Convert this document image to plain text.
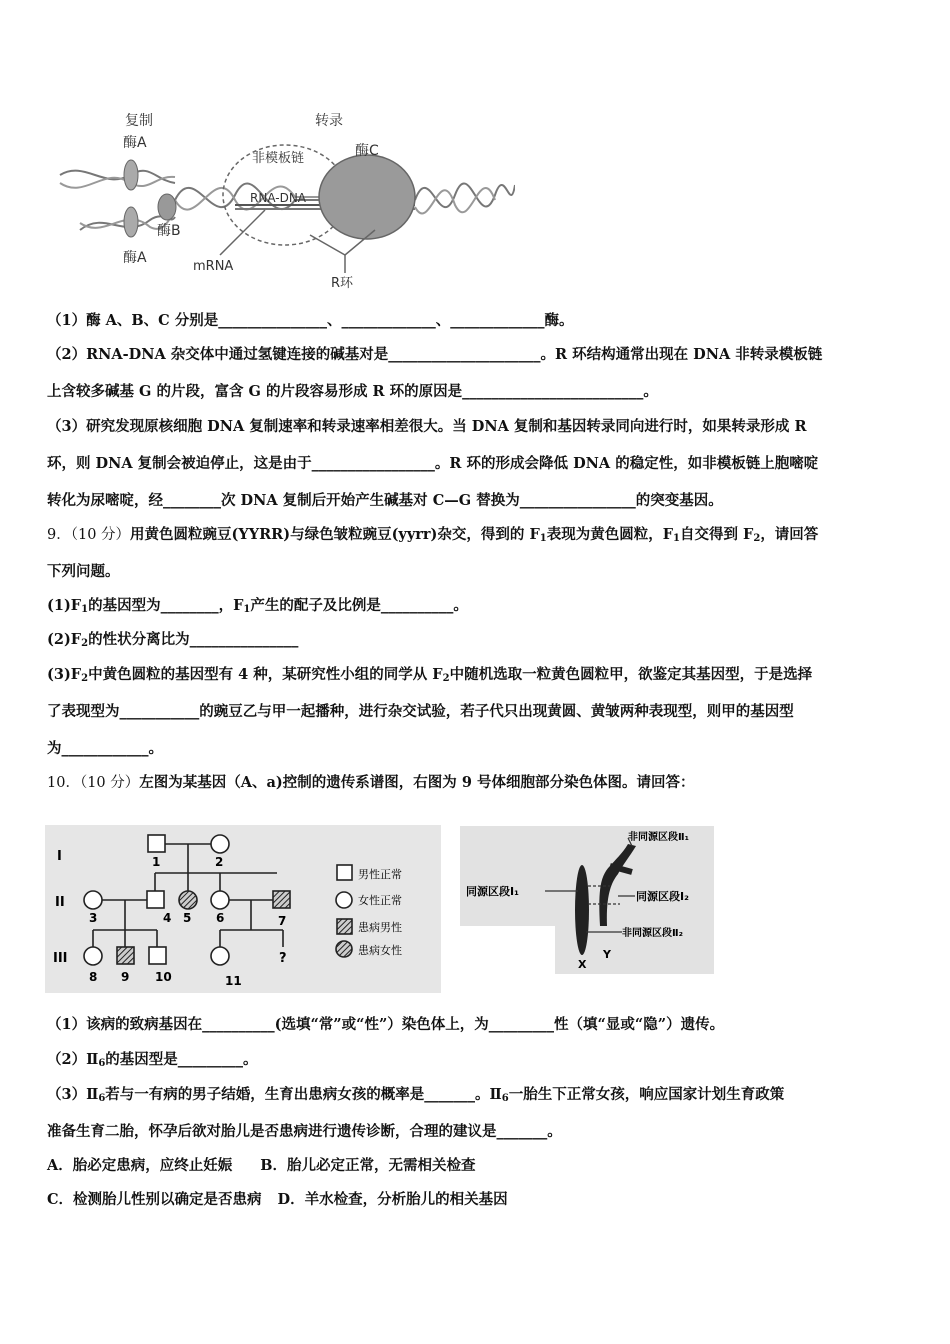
复制
酶A
转录
非模板链	酶C
RNA-DNA
酶B
酶A
mRNA
R环
（1）酶 A、B、C 分别是_______________、_____________、_____________酶。
（2）RNA-DNA 杂交体中通过氢键连接的碱基对是_____________________。R 环结构通常出现在 DNA 非转录模板链
上含较多碱基 G 的片段，富含 G 的片段容易形成 R 环的原因是_________________________。
（3）研究发现原核细胞 DNA 复制速率和转录速率相差很大。当 DNA 复制和基因转录同向进行时，如果转录形成 R
环，则 DNA 复制会被迫停止，这是由于_________________。R 环的形成会降低 DNA 的稳定性，如非模板链上胞嘧啶
转化为尿嘧啶，经________次 DNA 复制后开始产生碱基对 C—G 替换为________________的突变基因。
9．（10 分）用黄色圆粒豌豆(YYRR)与绿色皱粒豌豆(yyrr)杂交，得到的 $F_1$表现为黄色圆粒，$F_1$自交得到 $F_2$，请回答
下列问题。
$(1)F_1$的基因型为________，$F_1$产生的配子及比例是__________。
$(2)F_2$的性状分离比为_______________
$(3)F_2$中黄色圆粒的基因型有 4 种，某研究性小组的同学从 $F_2$中随机选取一粒黄色圆粒甲，欲鉴定其基因型，于是选择
了表现型为___________的豌豆乙与甲一起播种，进行杂交试验，若子代只出现黄圆、黄皱两种表现型，则甲的基因型
为____________。
10．（10 分）左图为某基因（A、a)控制的遗传系谱图，右图为 9 号体细胞部分染色体图。请回答：
I
II
III
1	2
3	4 5 6	7
8 9 10	11
?
男性正常
女性正常
患病男性
患病女性
非同源区段Ⅱ₁
同源区段Ⅰ₁	同源区段Ⅰ₂
非同源区段Ⅱ₂
X
Y
（1）该病的致病基因在__________(选填“常”或“性”）染色体上，为_________性（填“显或“隐”）遗传。
$(2)Ⅱ_6$的基因型是_________。
$(3)Ⅱ_6$若与一有病的男子结婚，生育出患病女孩的概率是_______。$Ⅱ_6$一胎生下正常女孩，响应国家计划生育政策
准备生育二胎，怀孕后欲对胎儿是否患病进行遗传诊断，合理的建议是_______。
A．胎必定患病，应终止妊娠 B．胎儿必定正常，无需相关检查
C．检测胎儿性别以确定是否患病 D．羊水检查，分析胎儿的相关基因
